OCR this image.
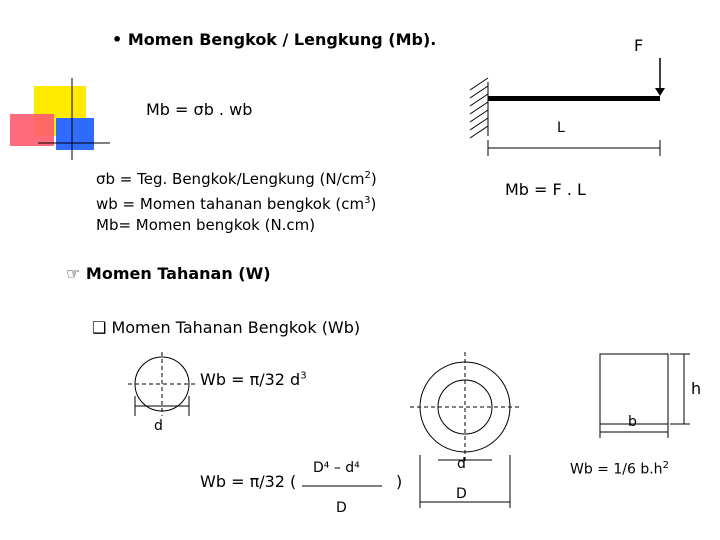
• Momen Bengkok / Lengkung (Mb).	F
L
Mb = F . L
Mb = σb . wb
σb = Teg. Bengkok/Lengkung $(N/cm^2)$
wb = Momen tahanan bengkok $(cm^3)$
Mb= Momen bengkok (N.cm)
☞ Momen Tahanan (W)
❑ Momen Tahanan Bengkok (Wb)
Wb = π/32 $d^3$
d
Wb = π/32 (
D⁴ – d⁴
D
)
d
D
h
b
Wb = 1/6 $b.h^2$
